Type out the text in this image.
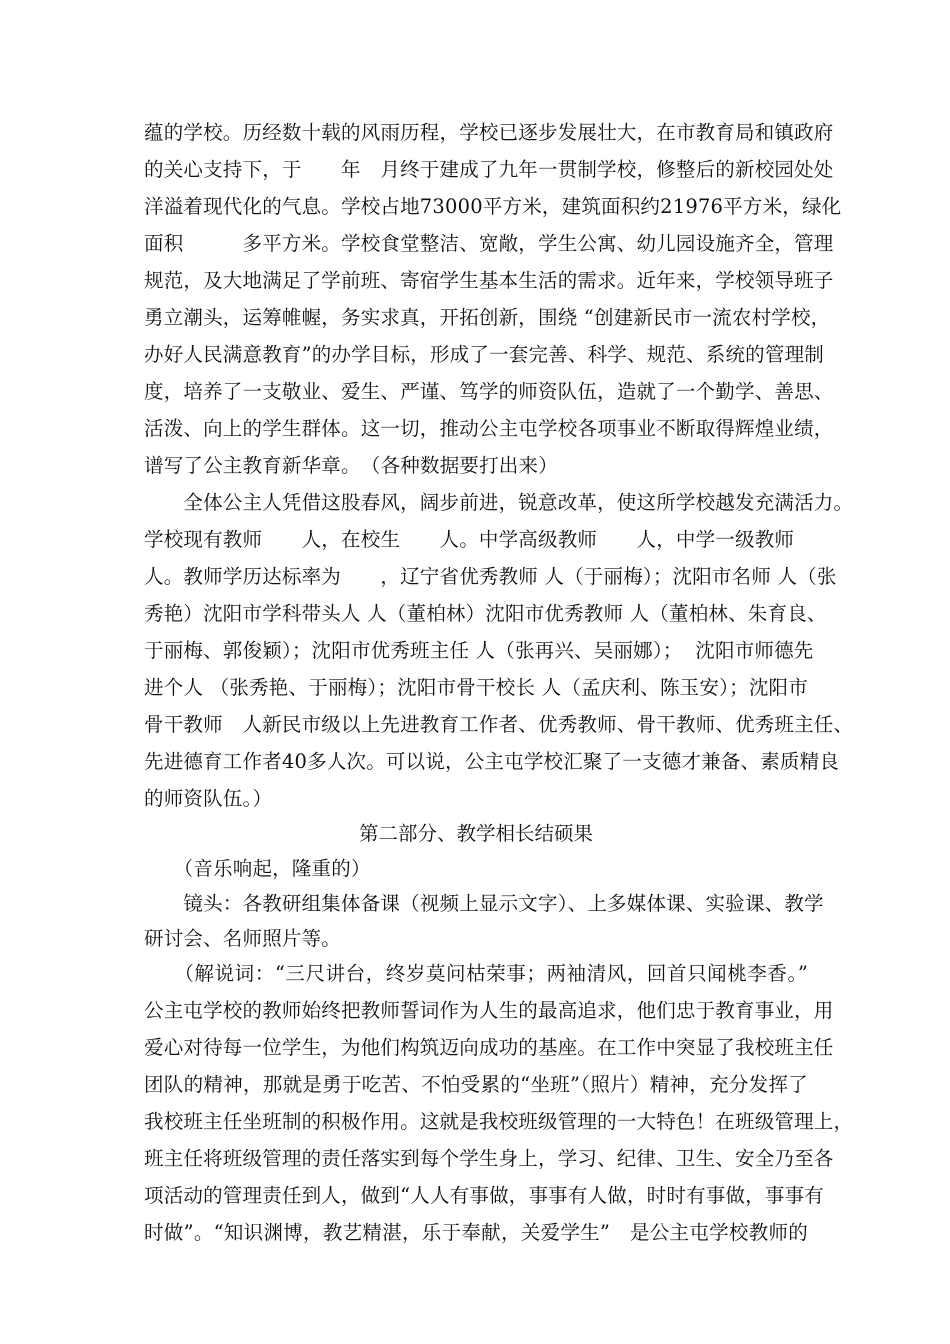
蕴的学校。历经数十载的风雨历程，学校已逐步发展壮大，在市教育局和镇政府
的关心支持下，于　　年　月终于建成了九年一贯制学校，修整后的新校园处处
洋溢着现代化的气息。学校占地73000平方米，建筑面积约21976平方米，绿化
面积　　　多平方米。学校食堂整洁、宽敞，学生公寓、幼儿园设施齐全，管理
规范，及大地满足了学前班、寄宿学生基本生活的需求。近年来，学校领导班子
勇立潮头，运筹帷幄，务实求真，开拓创新，围绕 “创建新民市一流农村学校，
办好人民满意教育”的办学目标，形成了一套完善、科学、规范、系统的管理制
度，培养了一支敬业、爱生、严谨、笃学的师资队伍，造就了一个勤学、善思、
活泼、向上的学生群体。这一切，推动公主屯学校各项事业不断取得辉煌业绩，
谱写了公主教育新华章。　（各种数据要打出来）
　　全体公主人凭借这股春风，阔步前进，锐意改革，使这所学校越发充满活力。
学校现有教师　　人，在校生　　人。中学高级教师　　人，中学一级教师
人。教师学历达标率为　　，辽宁省优秀教师 人（于丽梅）；沈阳市名师 人（张
秀艳）沈阳市学科带头人 人（董柏林）沈阳市优秀教师 人（董柏林、朱育良、
于丽梅、郭俊颖）；沈阳市优秀班主任 人（张再兴、吴丽娜）；  沈阳市师德先
进个人 （张秀艳、于丽梅）；沈阳市骨干校长 人（孟庆利、陈玉安）；沈阳市
骨干教师　人新民市级以上先进教育工作者、优秀教师、骨干教师、优秀班主任、
先进德育工作者40多人次。可以说，公主屯学校汇聚了一支德才兼备、素质精良
的师资队伍。）
第二部分、教学相长结硕果
　　（音乐响起，隆重的）
　　镜头：各教研组集体备课（视频上显示文字）、上多媒体课、实验课、教学
研讨会、名师照片等。
　　（解说词：“三尺讲台，终岁莫问枯荣事；两袖清风，回首只闻桃李香。”
公主屯学校的教师始终把教师誓词作为人生的最高追求，他们忠于教育事业，用
爱心对待每一位学生，为他们构筑迈向成功的基座。在工作中突显了我校班主任
团队的精神，那就是勇于吃苦、不怕受累的“坐班”（照片）精神，充分发挥了
我校班主任坐班制的积极作用。这就是我校班级管理的一大特色！在班级管理上，
班主任将班级管理的责任落实到每个学生身上，学习、纪律、卫生、安全乃至各
项活动的管理责任到人，做到“人人有事做，事事有人做，时时有事做，事事有
时做”。“知识渊博，教艺精湛，乐于奉献，关爱学生”　是公主屯学校教师的
